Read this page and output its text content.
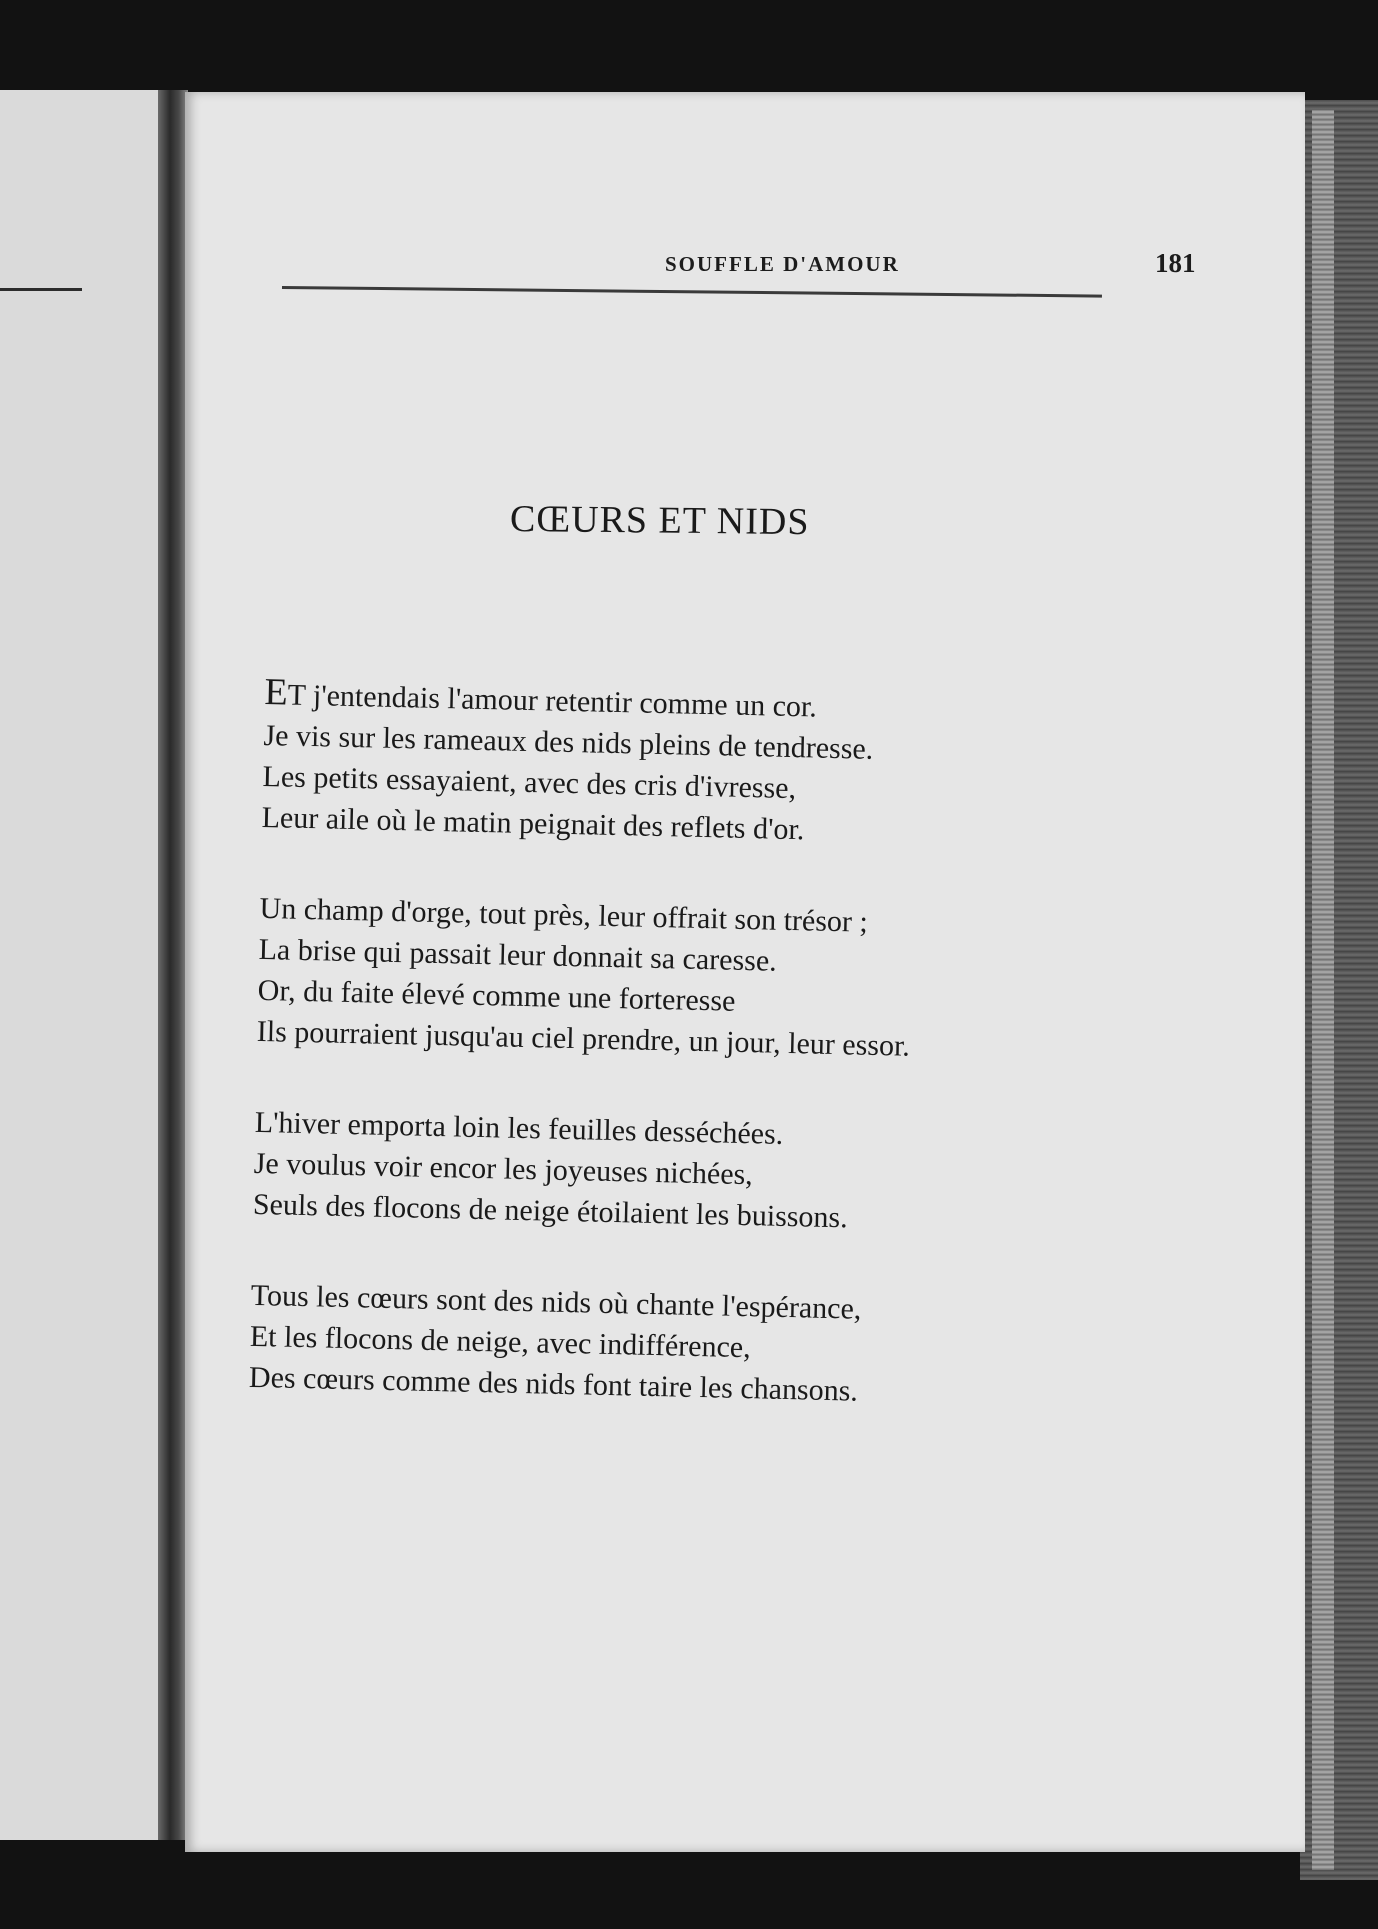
SOUFFLE D'AMOUR	181
CŒURS ET NIDS
ET j'entendais l'amour retentir comme un cor.
Je vis sur les rameaux des nids pleins de tendresse.
Les petits essayaient, avec des cris d'ivresse,
Leur aile où le matin peignait des reflets d'or.
Un champ d'orge, tout près, leur offrait son trésor ;
La brise qui passait leur donnait sa caresse.
Or, du faite élevé comme une forteresse
Ils pourraient jusqu'au ciel prendre, un jour, leur essor.
L'hiver emporta loin les feuilles desséchées.
Je voulus voir encor les joyeuses nichées,
Seuls des flocons de neige étoilaient les buissons.
Tous les cœurs sont des nids où chante l'espérance,
Et les flocons de neige, avec indifférence,
Des cœurs comme des nids font taire les chansons.
